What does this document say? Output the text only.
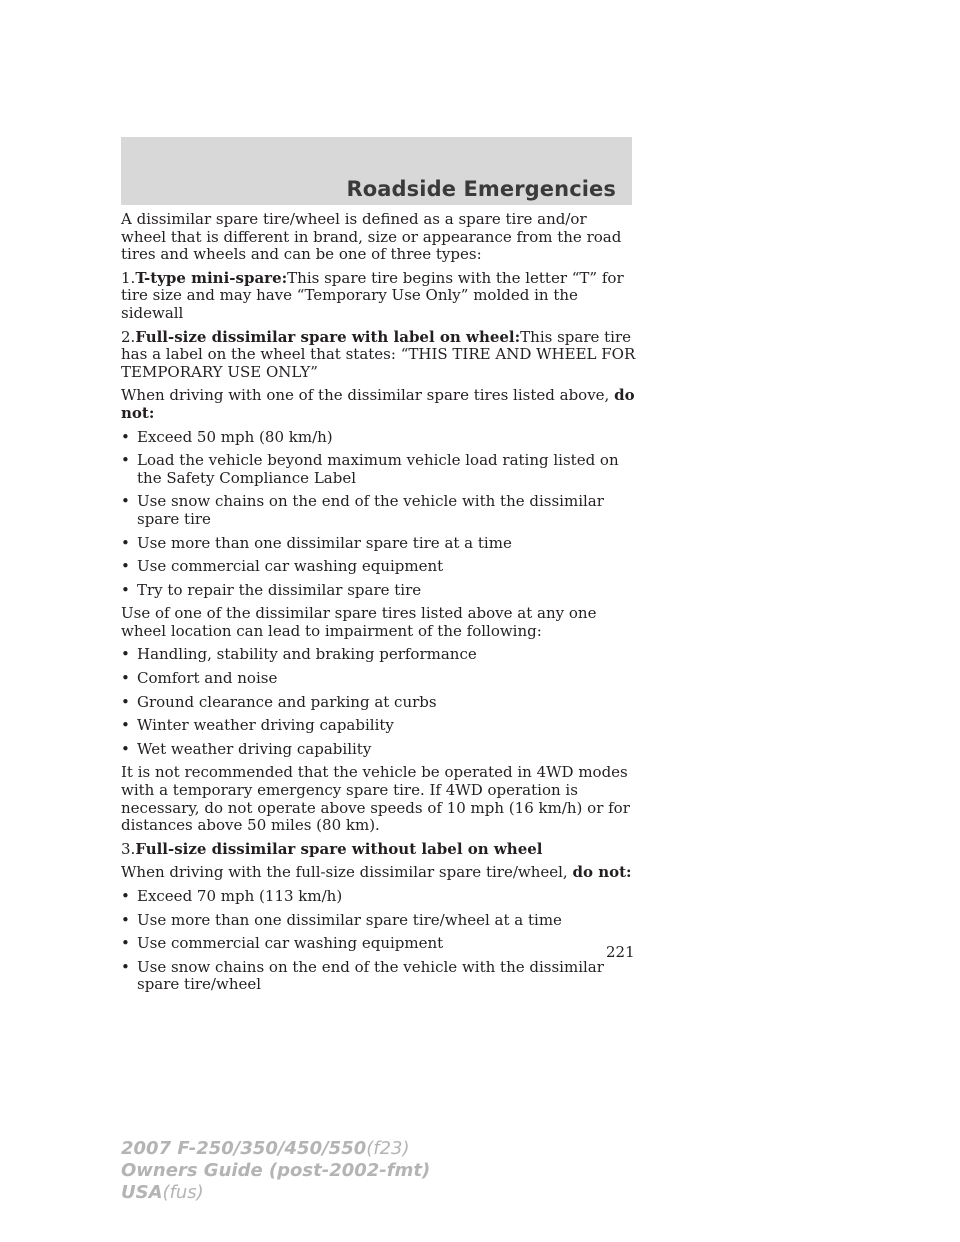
Roadside Emergencies

A dissimilar spare tire/wheel is defined as a spare tire and/or wheel that is different in brand, size or appearance from the road tires and wheels and can be one of three types:

1.T-type mini-spare:This spare tire begins with the letter “T” for tire size and may have “Temporary Use Only” molded in the sidewall

2.Full-size dissimilar spare with label on wheel:This spare tire has a label on the wheel that states: “THIS TIRE AND WHEEL FOR TEMPORARY USE ONLY”

When driving with one of the dissimilar spare tires listed above, do not:

• Exceed 50 mph (80 km/h)
• Load the vehicle beyond maximum vehicle load rating listed on the Safety Compliance Label
• Use snow chains on the end of the vehicle with the dissimilar spare tire
• Use more than one dissimilar spare tire at a time
• Use commercial car washing equipment
• Try to repair the dissimilar spare tire

Use of one of the dissimilar spare tires listed above at any one wheel location can lead to impairment of the following:

• Handling, stability and braking performance
• Comfort and noise
• Ground clearance and parking at curbs
• Winter weather driving capability
• Wet weather driving capability

It is not recommended that the vehicle be operated in 4WD modes with a temporary emergency spare tire. If 4WD operation is necessary, do not operate above speeds of 10 mph (16 km/h) or for distances above 50 miles (80 km).

3.Full-size dissimilar spare without label on wheel

When driving with the full-size dissimilar spare tire/wheel, do not:

• Exceed 70 mph (113 km/h)
• Use more than one dissimilar spare tire/wheel at a time
• Use commercial car washing equipment
• Use snow chains on the end of the vehicle with the dissimilar spare tire/wheel
221
2007 F-250/350/450/550(f23)
Owners Guide (post-2002-fmt)
USA(fus)
